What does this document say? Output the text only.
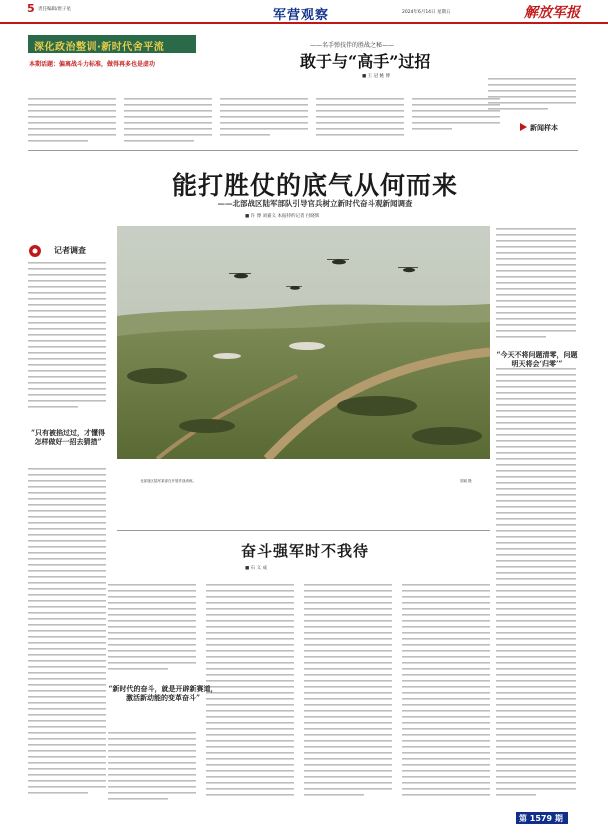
5 责任编辑/唐子星	军营观察	2024年6月14日 星期五	解放军报
深化政治整训·新时代舍平流
本期话题：偏离战斗力标准，做得再多也是虚功
——名手弹技伴的胜战之秘——
敢于与“高手”过招
■ 王 冠 姚 博
新闻样本
能打胜仗的底气从何而来
——北部战区陆军部队引导官兵树立新时代奋斗观新闻调查
■ 许 博 刘嘉义 本报特约记者 付晓辉
北部战区陆军某部在开展作战训练。	胡斌 摄
记者调查
“只有被掐过过，才懂得怎样做好一招去猜措”
“今天不将问题清零，问题明天将会‘归零’”
奋斗强军时不我待
■ 石 义 成
“新时代的奋斗，就是开辟新赛道，激活新动能的变革奋斗”
第 1579 期
